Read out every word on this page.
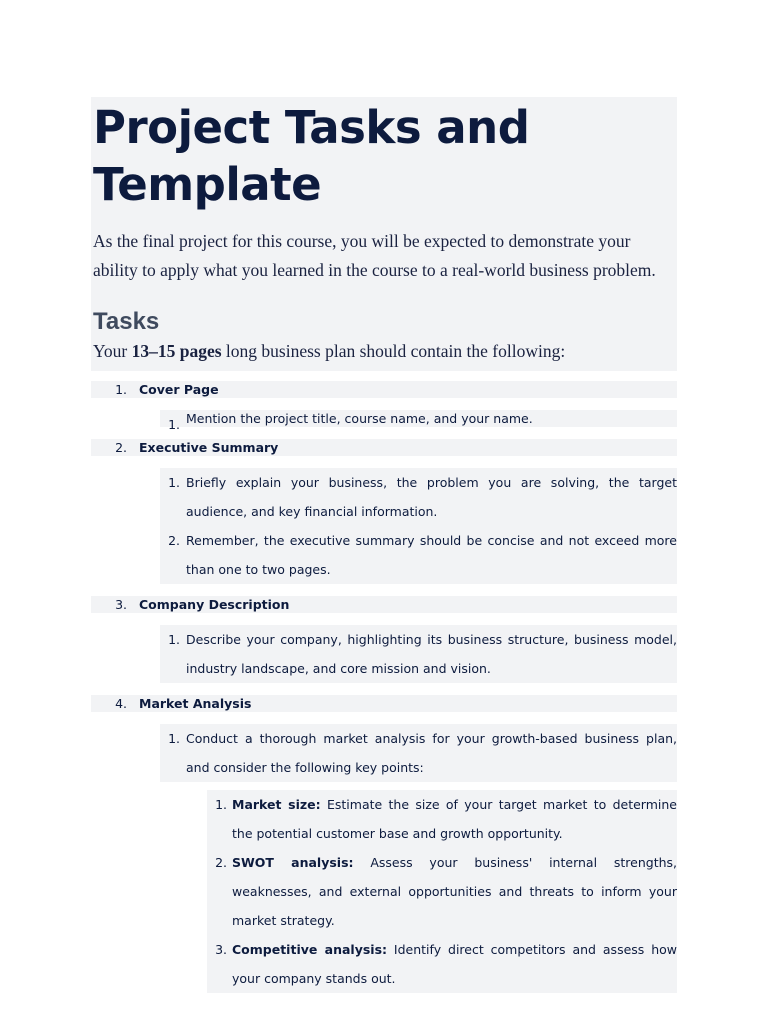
Project Tasks and Template

As the final project for this course, you will be expected to demonstrate your ability to apply what you learned in the course to a real-world business problem.

Tasks

Your 13–15 pages long business plan should contain the following:

1. Cover Page
1. Mention the project title, course name, and your name.
2. Executive Summary
1. Briefly explain your business, the problem you are solving, the target audience, and key financial information.
2. Remember, the executive summary should be concise and not exceed more than one to two pages.
3. Company Description
1. Describe your company, highlighting its business structure, business model, industry landscape, and core mission and vision.
4. Market Analysis
1. Conduct a thorough market analysis for your growth-based business plan, and consider the following key points:
1. Market size: Estimate the size of your target market to determine the potential customer base and growth opportunity.
2. SWOT analysis: Assess your business' internal strengths, weaknesses, and external opportunities and threats to inform your market strategy.
3. Competitive analysis: Identify direct competitors and assess how your company stands out.
